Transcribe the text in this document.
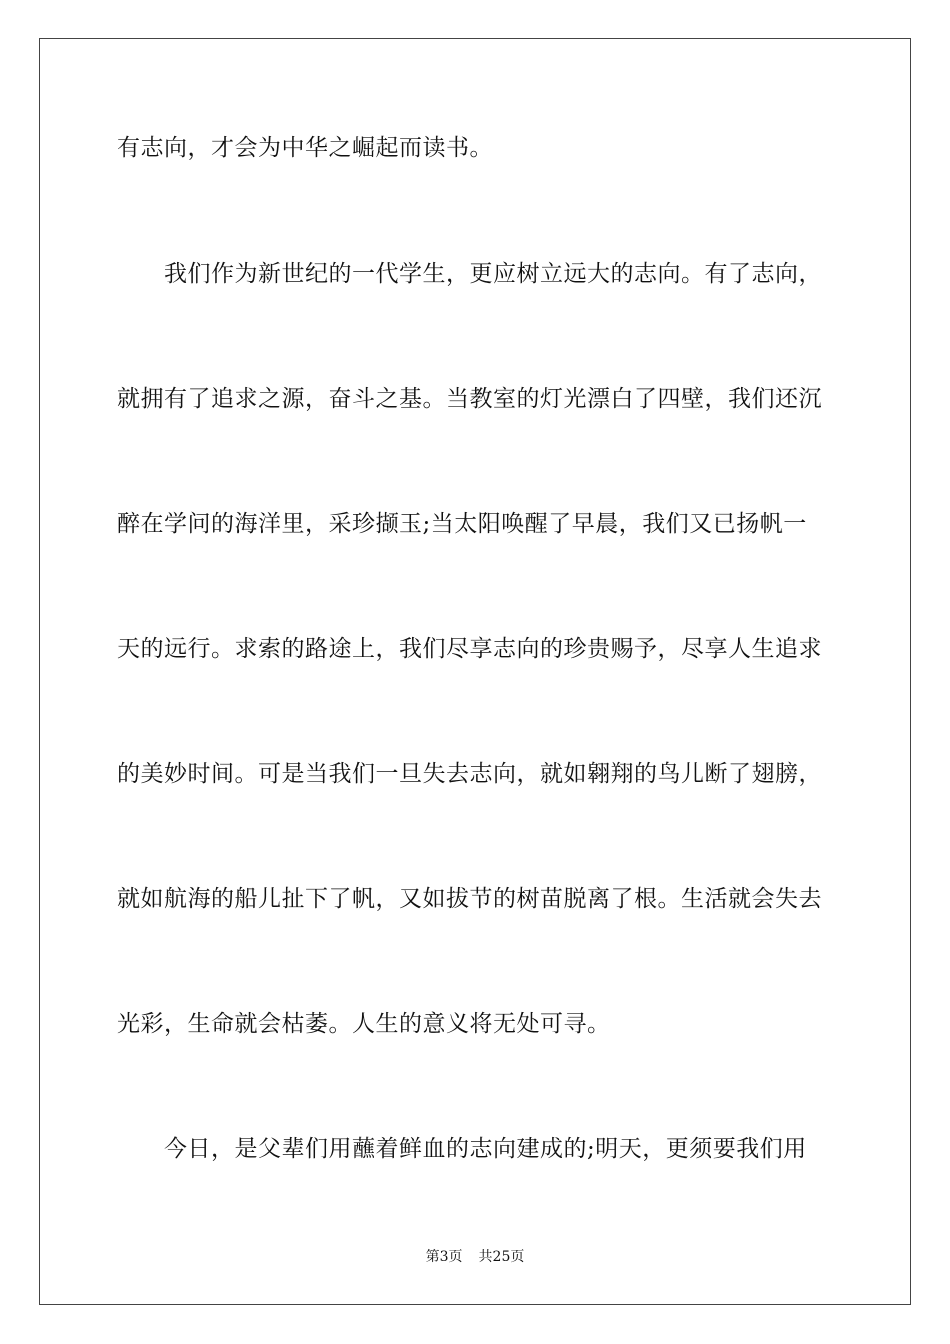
有志向，才会为中华之崛起而读书。
我们作为新世纪的一代学生，更应树立远大的志向。有了志向，
就拥有了追求之源，奋斗之基。当教室的灯光漂白了四壁，我们还沉
醉在学问的海洋里，采珍撷玉;当太阳唤醒了早晨，我们又已扬帆一
天的远行。求索的路途上，我们尽享志向的珍贵赐予，尽享人生追求
的美妙时间。可是当我们一旦失去志向，就如翱翔的鸟儿断了翅膀，
就如航海的船儿扯下了帆，又如拔节的树苗脱离了根。生活就会失去
光彩，生命就会枯萎。人生的意义将无处可寻。
今日，是父辈们用蘸着鲜血的志向建成的;明天，更须要我们用
第3页 共25页
